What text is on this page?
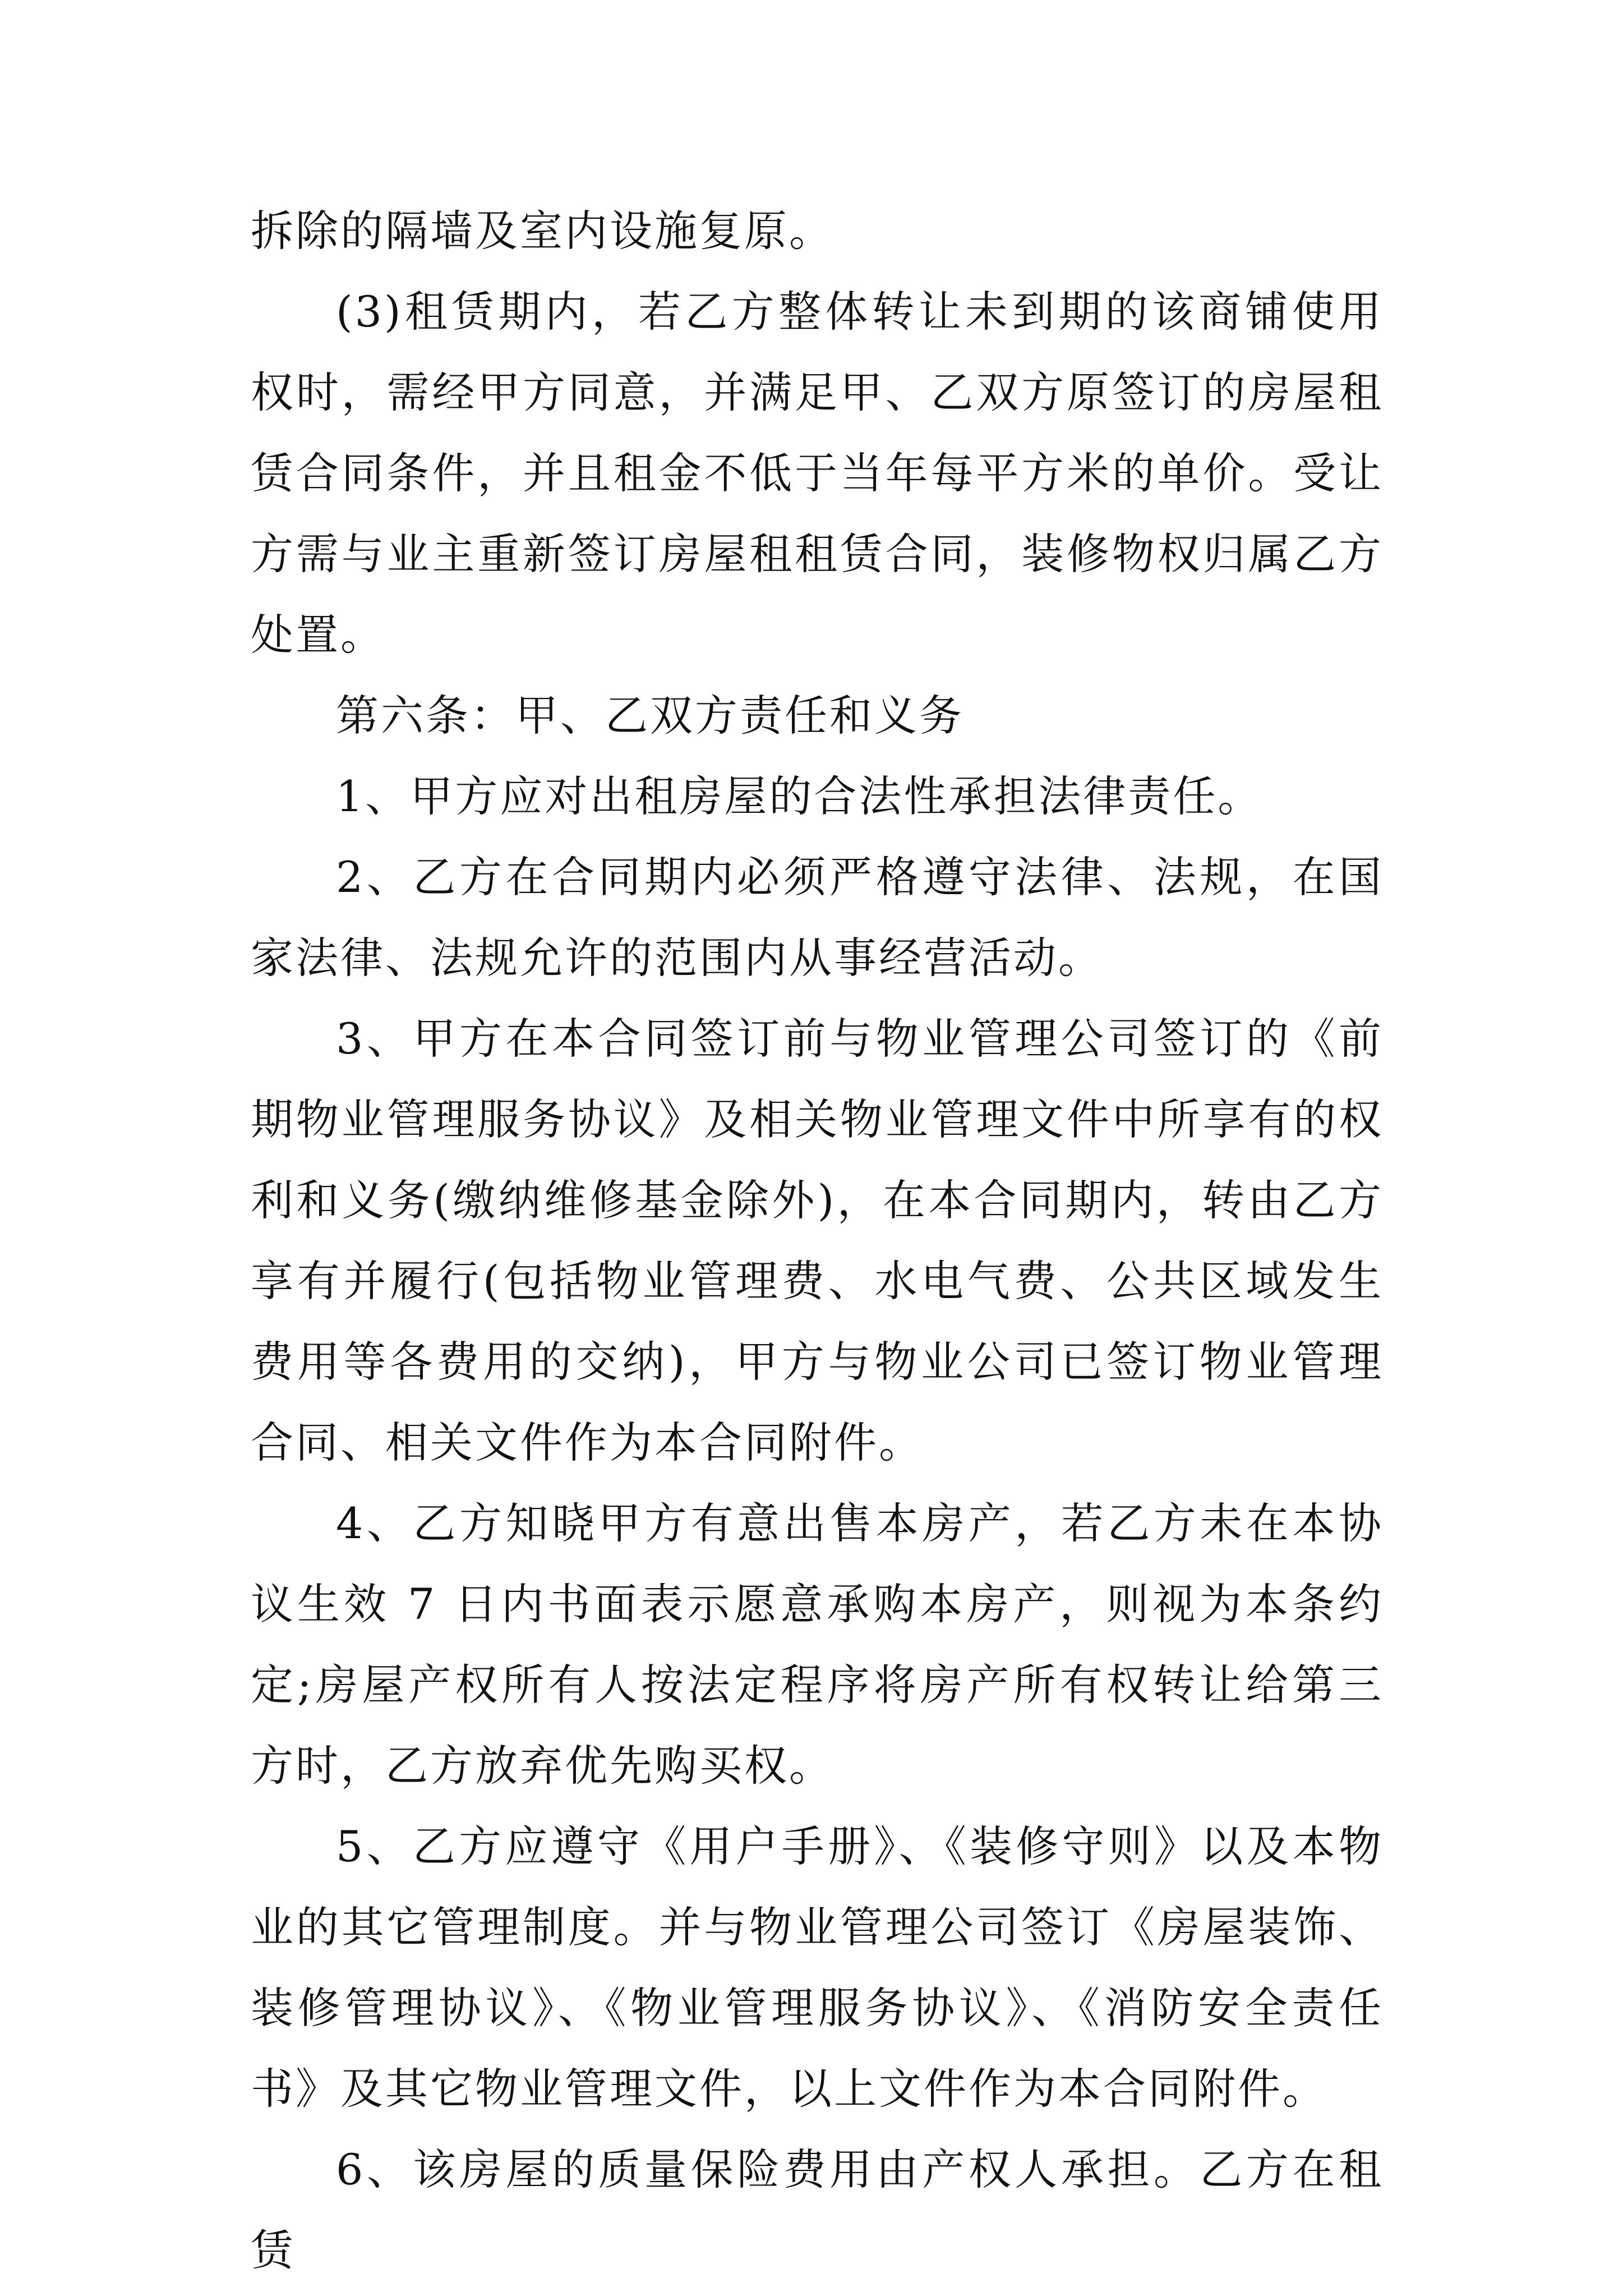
拆除的隔墙及室内设施复原。

(3)租赁期内，若乙方整体转让未到期的该商铺使用权时，需经甲方同意，并满足甲、乙双方原签订的房屋租赁合同条件，并且租金不低于当年每平方米的单价。受让方需与业主重新签订房屋租租赁合同，装修物权归属乙方处置。

第六条：甲、乙双方责任和义务

1、甲方应对出租房屋的合法性承担法律责任。

2、乙方在合同期内必须严格遵守法律、法规，在国家法律、法规允许的范围内从事经营活动。

3、甲方在本合同签订前与物业管理公司签订的《前期物业管理服务协议》及相关物业管理文件中所享有的权利和义务(缴纳维修基金除外)，在本合同期内，转由乙方享有并履行(包括物业管理费、水电气费、公共区域发生费用等各费用的交纳)，甲方与物业公司已签订物业管理合同、相关文件作为本合同附件。

4、乙方知晓甲方有意出售本房产，若乙方未在本协议生效 7 日内书面表示愿意承购本房产，则视为本条约定;房屋产权所有人按法定程序将房产所有权转让给第三方时，乙方放弃优先购买权。

5、乙方应遵守《用户手册》、《装修守则》以及本物业的其它管理制度。并与物业管理公司签订《房屋装饰、装修管理协议》、《物业管理服务协议》、《消防安全责任书》及其它物业管理文件，以上文件作为本合同附件。

6、该房屋的质量保险费用由产权人承担。乙方在租赁
